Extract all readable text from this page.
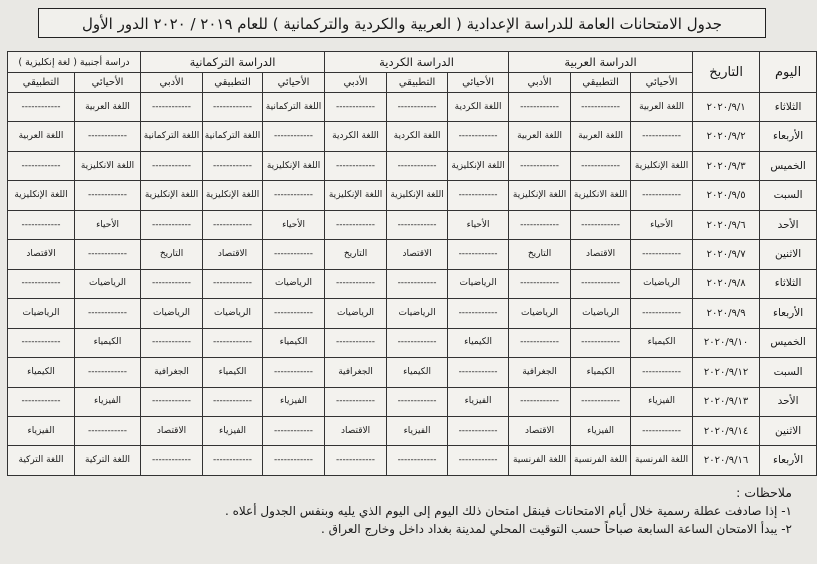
جدول الامتحانات العامة للدراسة الإعدادية ( العربية والكردية والتركمانية ) للعام ٢٠١٩ / ٢٠٢٠ الدور الأول
اليوم	التاريخ	الدراسة العربية			الدراسة الكردية			الدراسة التركمانية			دراسة أجنبية ( لغة إنكليزية )	
		الأحيائي	التطبيقي	الأدبي	الأحيائي	التطبيقي	الأدبي	الأحيائي	التطبيقي	الأدبي	الأحيائي	التطبيقي
الثلاثاء	٢٠٢٠/٩/١	اللغة العربية	------------	------------	اللغة الكردية	------------	------------	اللغة التركمانية	------------	------------	اللغة العربية	------------
الأربعاء	٢٠٢٠/٩/٢	------------	اللغة العربية	اللغة العربية	------------	اللغة الكردية	اللغة الكردية	------------	اللغة التركمانية	اللغة التركمانية	------------	اللغة العربية
الخميس	٢٠٢٠/٩/٣	اللغة الإنكليزية	------------	------------	اللغة الإنكليزية	------------	------------	اللغة الإنكليزية	------------	------------	اللغة الانكليزية	------------
السبت	٢٠٢٠/٩/٥	------------	اللغة الانكليزية	اللغة الإنكليزية	------------	اللغة الإنكليزية	اللغة الإنكليزية	------------	اللغة الإنكليزية	اللغة الإنكليزية	------------	اللغة الإنكليزية
الأحد	٢٠٢٠/٩/٦	الأحياء	------------	------------	الأحياء	------------	------------	الأحياء	------------	------------	الأحياء	------------
الاثنين	٢٠٢٠/٩/٧	------------	الاقتصاد	التاريخ	------------	الاقتصاد	التاريخ	------------	الاقتصاد	التاريخ	------------	الاقتصاد
الثلاثاء	٢٠٢٠/٩/٨	الرياضيات	------------	------------	الرياضيات	------------	------------	الرياضيات	------------	------------	الرياضيات	------------
الأربعاء	٢٠٢٠/٩/٩	------------	الرياضيات	الرياضيات	------------	الرياضيات	الرياضيات	------------	الرياضيات	الرياضيات	------------	الرياضيات
الخميس	٢٠٢٠/٩/١٠	الكيمياء	------------	------------	الكيمياء	------------	------------	الكيمياء	------------	------------	الكيمياء	------------
السبت	٢٠٢٠/٩/١٢	------------	الكيمياء	الجغرافية	------------	الكيمياء	الجغرافية	------------	الكيمياء	الجغرافية	------------	الكيمياء
الأحد	٢٠٢٠/٩/١٣	الفيزياء	------------	------------	الفيزياء	------------	------------	الفيزياء	------------	------------	الفيزياء	------------
الاثنين	٢٠٢٠/٩/١٤	------------	الفيزياء	الاقتصاد	------------	الفيزياء	الاقتصاد	------------	الفيزياء	الاقتصاد	------------	الفيزياء
الأربعاء	٢٠٢٠/٩/١٦	اللغة الفرنسية	اللغة الفرنسية	اللغة الفرنسية	------------	------------	------------	------------	------------	------------	اللغة التركية	اللغة التركية
ملاحظات :
١- إذا صادفت عطلة رسمية خلال أيام الامتحانات فينقل امتحان ذلك اليوم إلى اليوم الذي يليه وبنفس الجدول أعلاه .
٢- يبدأ الامتحان الساعة السابعة صباحاً حسب التوقيت المحلي لمدينة بغداد داخل وخارج العراق .
